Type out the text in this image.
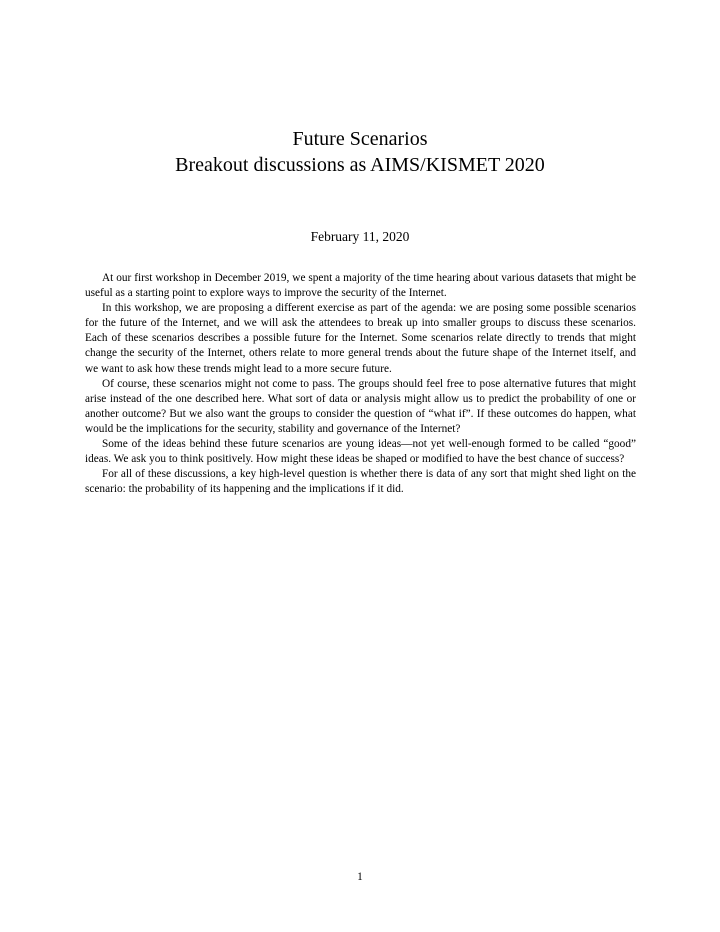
Future Scenarios
Breakout discussions as AIMS/KISMET 2020
February 11, 2020

At our first workshop in December 2019, we spent a majority of the time hearing about various datasets that might be useful as a starting point to explore ways to improve the security of the Internet.

In this workshop, we are proposing a different exercise as part of the agenda: we are posing some possible scenarios for the future of the Internet, and we will ask the attendees to break up into smaller groups to discuss these scenarios. Each of these scenarios describes a possible future for the Internet. Some scenarios relate directly to trends that might change the security of the Internet, others relate to more general trends about the future shape of the Internet itself, and we want to ask how these trends might lead to a more secure future.

Of course, these scenarios might not come to pass. The groups should feel free to pose alternative futures that might arise instead of the one described here. What sort of data or analysis might allow us to predict the probability of one or another outcome? But we also want the groups to consider the question of “what if”. If these outcomes do happen, what would be the implications for the security, stability and governance of the Internet?

Some of the ideas behind these future scenarios are young ideas—not yet well-enough formed to be called “good” ideas. We ask you to think positively. How might these ideas be shaped or modified to have the best chance of success?

For all of these discussions, a key high-level question is whether there is data of any sort that might shed light on the scenario: the probability of its happening and the implications if it did.

1
